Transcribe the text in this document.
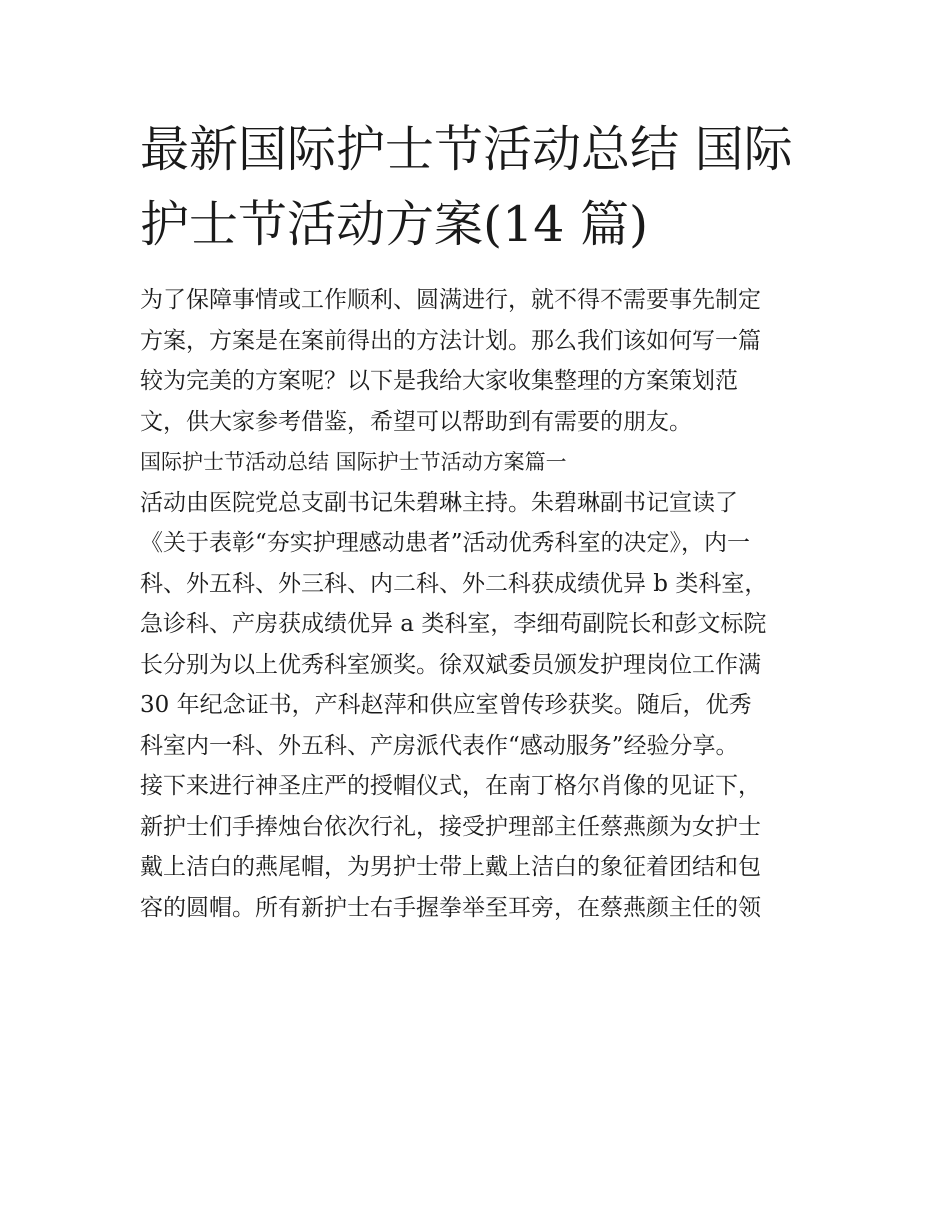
最新国际护士节活动总结 国际
护士节活动方案(14 篇)
为了保障事情或工作顺利、圆满进行，就不得不需要事先制定
方案，方案是在案前得出的方法计划。那么我们该如何写一篇
较为完美的方案呢？以下是我给大家收集整理的方案策划范
文，供大家参考借鉴，希望可以帮助到有需要的朋友。
国际护士节活动总结 国际护士节活动方案篇一
活动由医院党总支副书记朱碧琳主持。朱碧琳副书记宣读了
《关于表彰“夯实护理感动患者”活动优秀科室的决定》，内一
科、外五科、外三科、内二科、外二科获成绩优异 b 类科室，
急诊科、产房获成绩优异 a 类科室，李细苟副院长和彭文标院
长分别为以上优秀科室颁奖。徐双斌委员颁发护理岗位工作满
30 年纪念证书，产科赵萍和供应室曾传珍获奖。随后，优秀
科室内一科、外五科、产房派代表作“感动服务”经验分享。
接下来进行神圣庄严的授帽仪式，在南丁格尔肖像的见证下，
新护士们手捧烛台依次行礼，接受护理部主任蔡燕颜为女护士
戴上洁白的燕尾帽，为男护士带上戴上洁白的象征着团结和包
容的圆帽。所有新护士右手握拳举至耳旁，在蔡燕颜主任的领
